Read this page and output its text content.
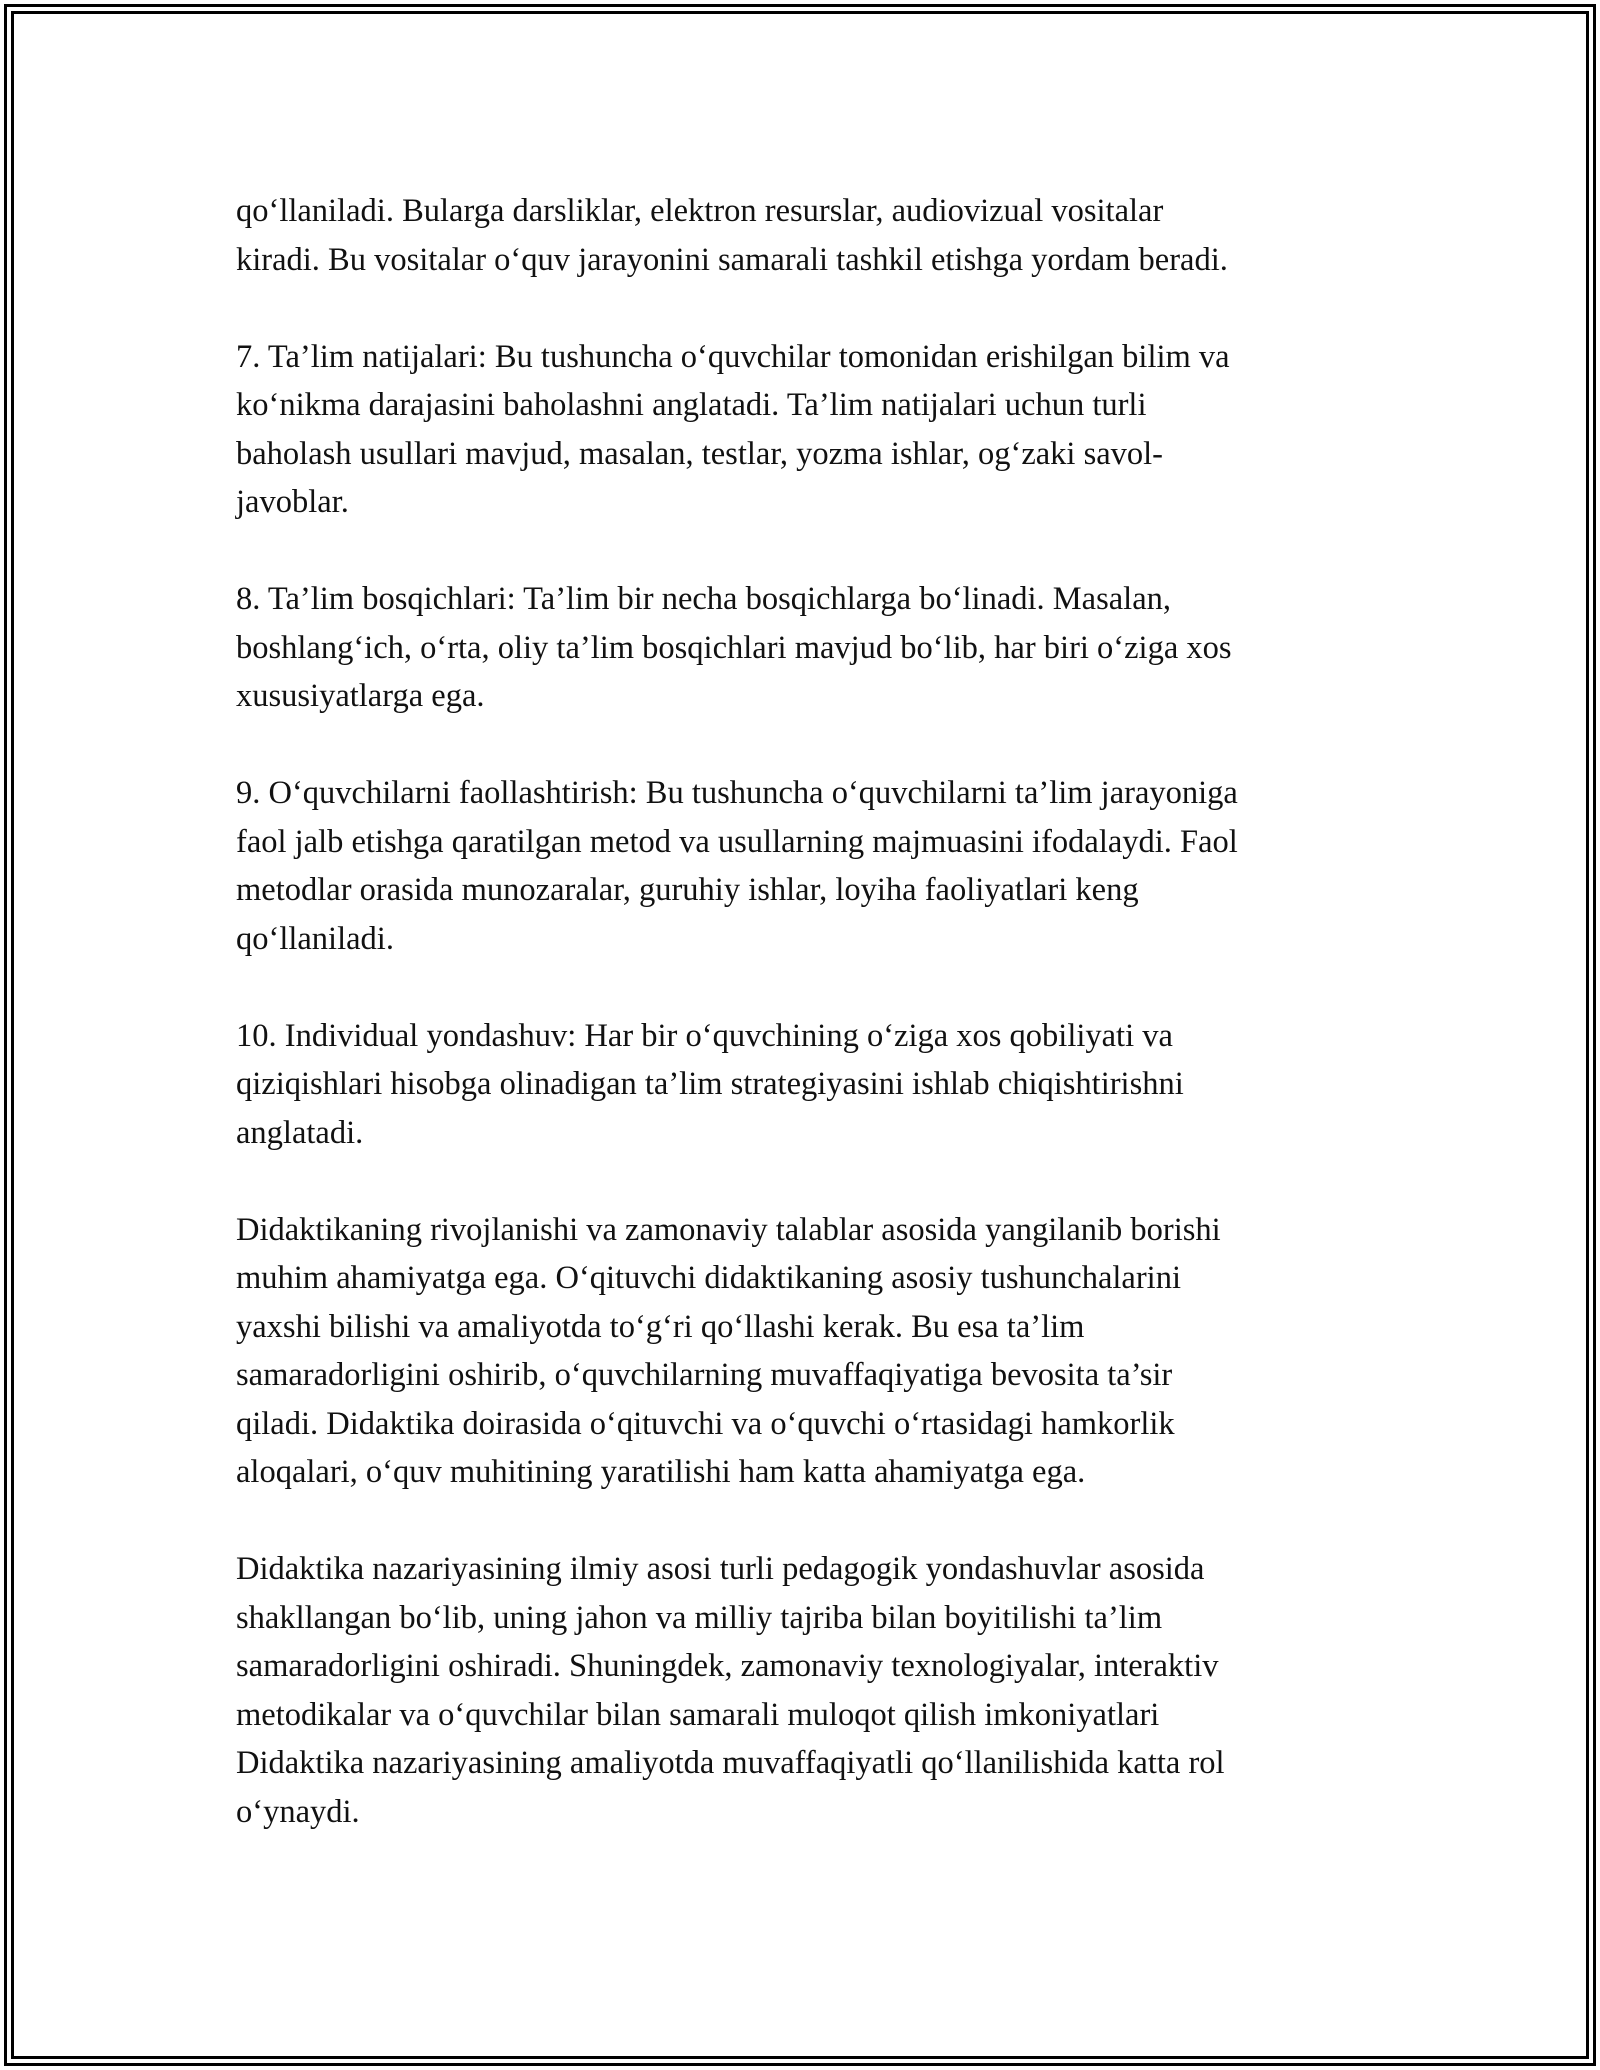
qo‘llaniladi. Bularga darsliklar, elektron resurslar, audiovizual vositalar
kiradi. Bu vositalar o‘quv jarayonini samarali tashkil etishga yordam beradi.

7. Ta’lim natijalari: Bu tushuncha o‘quvchilar tomonidan erishilgan bilim va
ko‘nikma darajasini baholashni anglatadi. Ta’lim natijalari uchun turli
baholash usullari mavjud, masalan, testlar, yozma ishlar, og‘zaki savol-
javoblar.

8. Ta’lim bosqichlari: Ta’lim bir necha bosqichlarga bo‘linadi. Masalan,
boshlang‘ich, o‘rta, oliy ta’lim bosqichlari mavjud bo‘lib, har biri o‘ziga xos
xususiyatlarga ega.

9. O‘quvchilarni faollashtirish: Bu tushuncha o‘quvchilarni ta’lim jarayoniga
faol jalb etishga qaratilgan metod va usullarning majmuasini ifodalaydi. Faol
metodlar orasida munozaralar, guruhiy ishlar, loyiha faoliyatlari keng
qo‘llaniladi.

10. Individual yondashuv: Har bir o‘quvchining o‘ziga xos qobiliyati va
qiziqishlari hisobga olinadigan ta’lim strategiyasini ishlab chiqishtirishni
anglatadi.

Didaktikaning rivojlanishi va zamonaviy talablar asosida yangilanib borishi
muhim ahamiyatga ega. O‘qituvchi didaktikaning asosiy tushunchalarini
yaxshi bilishi va amaliyotda to‘g‘ri qo‘llashi kerak. Bu esa ta’lim
samaradorligini oshirib, o‘quvchilarning muvaffaqiyatiga bevosita ta’sir
qiladi. Didaktika doirasida o‘qituvchi va o‘quvchi o‘rtasidagi hamkorlik
aloqalari, o‘quv muhitining yaratilishi ham katta ahamiyatga ega.

Didaktika nazariyasining ilmiy asosi turli pedagogik yondashuvlar asosida
shakllangan bo‘lib, uning jahon va milliy tajriba bilan boyitilishi ta’lim
samaradorligini oshiradi. Shuningdek, zamonaviy texnologiyalar, interaktiv
metodikalar va o‘quvchilar bilan samarali muloqot qilish imkoniyatlari
Didaktika nazariyasining amaliyotda muvaffaqiyatli qo‘llanilishida katta rol
o‘ynaydi.
